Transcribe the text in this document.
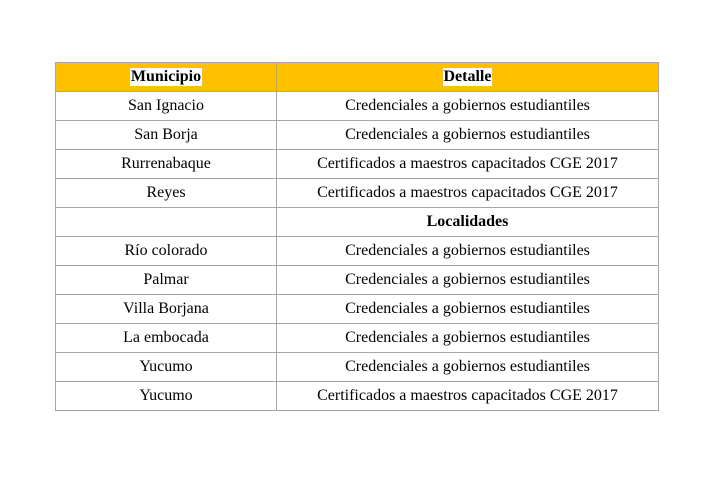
Municipio	Detalle
San Ignacio	Credenciales a gobiernos estudiantiles
San Borja	Credenciales a gobiernos estudiantiles
Rurrenabaque	Certificados a maestros capacitados CGE 2017
Reyes	Certificados a maestros capacitados CGE 2017
	Localidades
Río colorado	Credenciales a gobiernos estudiantiles
Palmar	Credenciales a gobiernos estudiantiles
Villa Borjana	Credenciales a gobiernos estudiantiles
La embocada	Credenciales a gobiernos estudiantiles
Yucumo	Credenciales a gobiernos estudiantiles
Yucumo	Certificados a maestros capacitados CGE 2017
